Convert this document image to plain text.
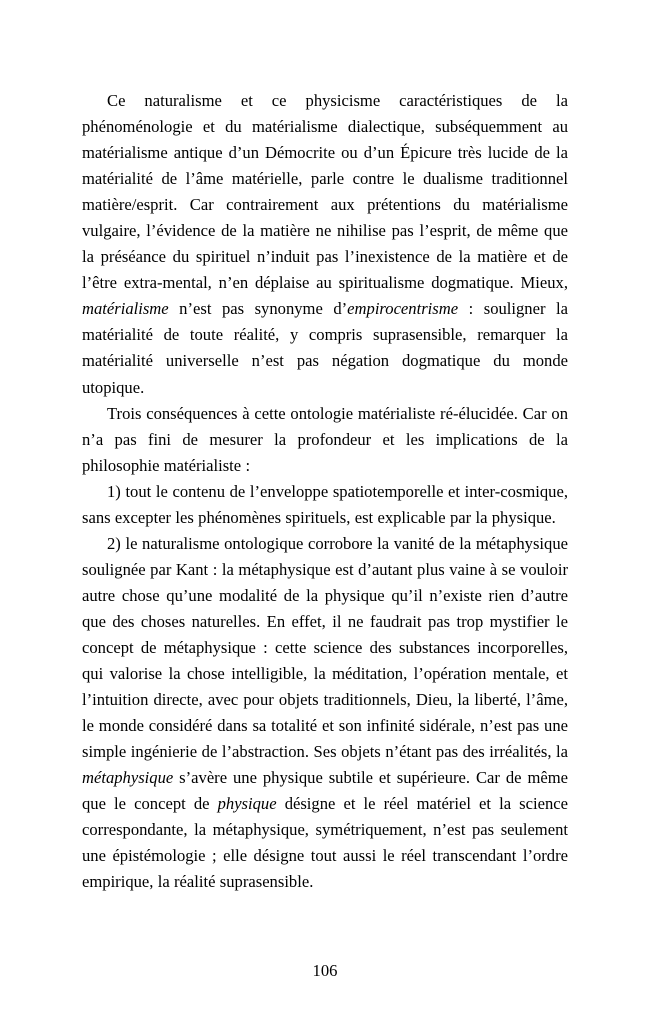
Ce naturalisme et ce physicisme caractéristiques de la phénoménologie et du matérialisme dialectique, subséquemment au matérialisme antique d’un Démocrite ou d’un Épicure très lucide de la matérialité de l’âme matérielle, parle contre le dualisme traditionnel matière/esprit. Car contrairement aux prétentions du matérialisme vulgaire, l’évidence de la matière ne nihilise pas l’esprit, de même que la préséance du spirituel n’induit pas l’inexistence de la matière et de l’être extra-mental, n’en déplaise au spiritualisme dogmatique. Mieux, matérialisme n’est pas synonyme d’empirocentrisme : souligner la matérialité de toute réalité, y compris suprasensible, remarquer la matérialité universelle n’est pas négation dogmatique du monde utopique.

Trois conséquences à cette ontologie matérialiste ré-élucidée. Car on n’a pas fini de mesurer la profondeur et les implications de la philosophie matérialiste :

1) tout le contenu de l’enveloppe spatiotemporelle et inter-cosmique, sans excepter les phénomènes spirituels, est explicable par la physique.

2) le naturalisme ontologique corrobore la vanité de la métaphysique soulignée par Kant : la métaphysique est d’autant plus vaine à se vouloir autre chose qu’une modalité de la physique qu’il n’existe rien d’autre que des choses naturelles. En effet, il ne faudrait pas trop mystifier le concept de métaphysique : cette science des substances incorporelles, qui valorise la chose intelligible, la méditation, l’opération mentale, et l’intuition directe, avec pour objets traditionnels, Dieu, la liberté, l’âme, le monde considéré dans sa totalité et son infinité sidérale, n’est pas une simple ingénierie de l’abstraction. Ses objets n’étant pas des irréalités, la métaphysique s’avère une physique subtile et supérieure. Car de même que le concept de physique désigne et le réel matériel et la science correspondante, la métaphysique, symétriquement, n’est pas seulement une épistémologie ; elle désigne tout aussi le réel transcendant l’ordre empirique, la réalité suprasensible.

106
